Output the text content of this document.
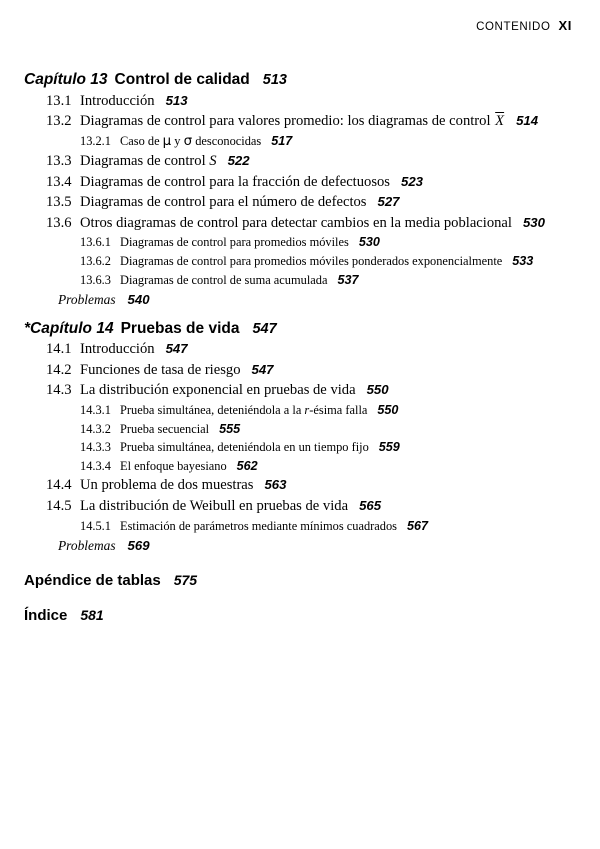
CONTENIDO XI
Capítulo 13 Control de calidad 513
13.1 Introducción 513
13.2 Diagramas de control para valores promedio: los diagramas de control $\overline{X}$ 514
13.2.1 Caso de μ y σ desconocidas 517
13.3 Diagramas de control S 522
13.4 Diagramas de control para la fracción de defectuosos 523
13.5 Diagramas de control para el número de defectos 527
13.6 Otros diagramas de control para detectar cambios en la media poblacional 530
13.6.1 Diagramas de control para promedios móviles 530
13.6.2 Diagramas de control para promedios móviles ponderados exponencialmente 533
13.6.3 Diagramas de control de suma acumulada 537
Problemas 540
*Capítulo 14 Pruebas de vida 547
14.1 Introducción 547
14.2 Funciones de tasa de riesgo 547
14.3 La distribución exponencial en pruebas de vida 550
14.3.1 Prueba simultánea, deteniéndola a la r-ésima falla 550
14.3.2 Prueba secuencial 555
14.3.3 Prueba simultánea, deteniéndola en un tiempo fijo 559
14.3.4 El enfoque bayesiano 562
14.4 Un problema de dos muestras 563
14.5 La distribución de Weibull en pruebas de vida 565
14.5.1 Estimación de parámetros mediante mínimos cuadrados 567
Problemas 569
Apéndice de tablas 575
Índice 581
